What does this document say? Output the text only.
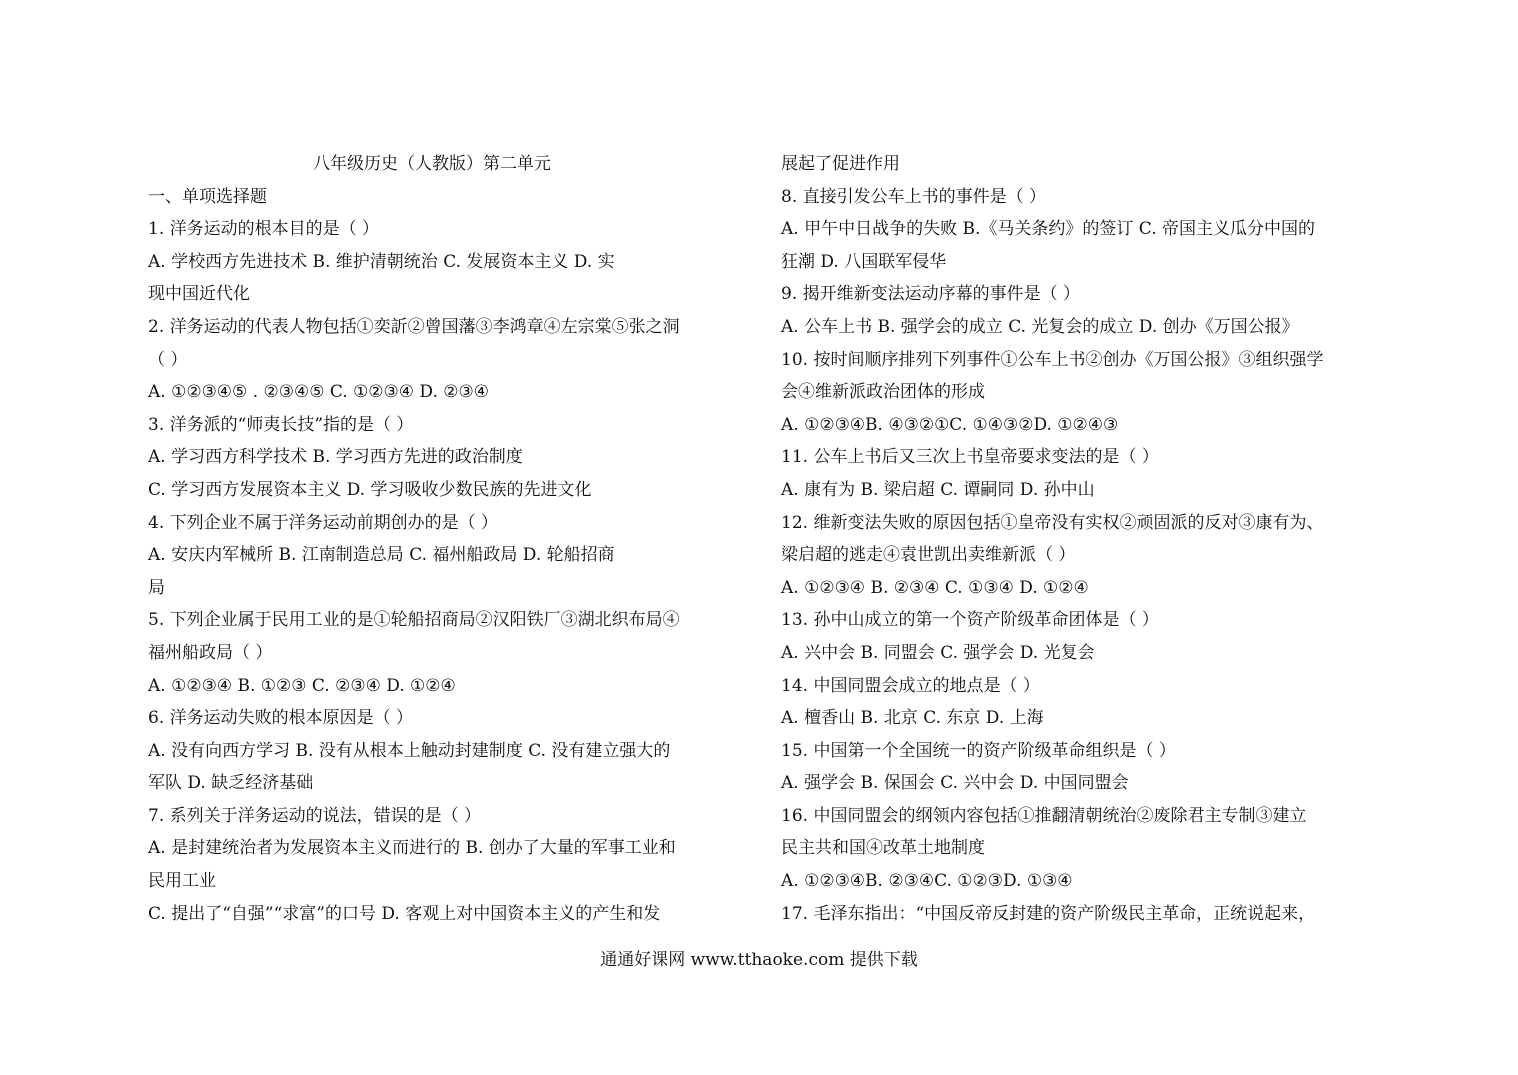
八年级历史（人教版）第二单元
一、单项选择题
1. 洋务运动的根本目的是（ ）
A. 学校西方先进技术 B. 维护清朝统治 C. 发展资本主义 D. 实
现中国近代化
2. 洋务运动的代表人物包括①奕訢②曾国藩③李鸿章④左宗棠⑤张之洞
（ ）
A. ①②③④⑤ . ②③④⑤ C. ①②③④ D. ②③④
3. 洋务派的“师夷长技”指的是（ ）
A. 学习西方科学技术 B. 学习西方先进的政治制度
C. 学习西方发展资本主义 D. 学习吸收少数民族的先进文化
4. 下列企业不属于洋务运动前期创办的是（ ）
A. 安庆内军械所 B. 江南制造总局 C. 福州船政局 D. 轮船招商
局
5. 下列企业属于民用工业的是①轮船招商局②汉阳铁厂③湖北织布局④
福州船政局（ ）
A. ①②③④ B. ①②③ C. ②③④ D. ①②④
6. 洋务运动失败的根本原因是（ ）
A. 没有向西方学习 B. 没有从根本上触动封建制度 C. 没有建立强大的
军队 D. 缺乏经济基础
7. 系列关于洋务运动的说法，错误的是（ ）
A. 是封建统治者为发展资本主义而进行的 B. 创办了大量的军事工业和
民用工业
C. 提出了“自强”“求富”的口号 D. 客观上对中国资本主义的产生和发
展起了促进作用
8. 直接引发公车上书的事件是（ ）
A. 甲午中日战争的失败 B.《马关条约》的签订 C. 帝国主义瓜分中国的
狂潮 D. 八国联军侵华
9. 揭开维新变法运动序幕的事件是（ ）
A. 公车上书 B. 强学会的成立 C. 光复会的成立 D. 创办《万国公报》
10. 按时间顺序排列下列事件①公车上书②创办《万国公报》③组织强学
会④维新派政治团体的形成
A. ①②③④B. ④③②①C. ①④③②D. ①②④③
11. 公车上书后又三次上书皇帝要求变法的是（ ）
A. 康有为 B. 梁启超 C. 谭嗣同 D. 孙中山
12. 维新变法失败的原因包括①皇帝没有实权②顽固派的反对③康有为、
梁启超的逃走④袁世凯出卖维新派（ ）
A. ①②③④ B. ②③④ C. ①③④ D. ①②④
13. 孙中山成立的第一个资产阶级革命团体是（ ）
A. 兴中会 B. 同盟会 C. 强学会 D. 光复会
14. 中国同盟会成立的地点是（ ）
A. 檀香山 B. 北京 C. 东京 D. 上海
15. 中国第一个全国统一的资产阶级革命组织是（ ）
A. 强学会 B. 保国会 C. 兴中会 D. 中国同盟会
16. 中国同盟会的纲领内容包括①推翻清朝统治②废除君主专制③建立
民主共和国④改革土地制度
A. ①②③④B. ②③④C. ①②③D. ①③④
17. 毛泽东指出：“中国反帝反封建的资产阶级民主革命，正统说起来，
通通好课网 www.tthaoke.com 提供下载
